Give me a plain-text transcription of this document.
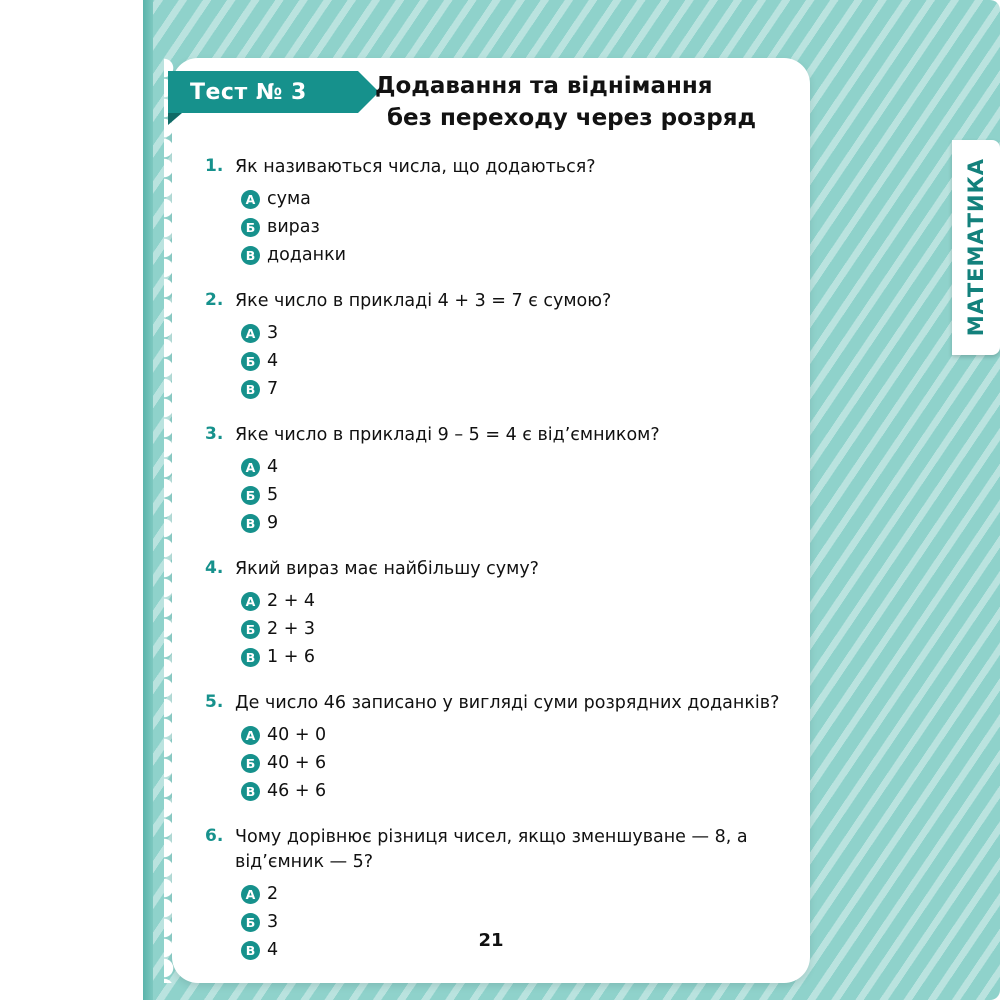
МАТЕМАТИКА
Тест № 3	Додавання та віднімання
без переходу через розряд
1. Як називаються числа, що додаються?
А сума
Б вираз
В доданки
2. Яке число в прикладі 4 + 3 = 7 є сумою?
А 3
Б 4
В 7
3. Яке число в прикладі 9 – 5 = 4 є від’ємником?
А 4
Б 5
В 9
4. Який вираз має найбільшу суму?
А 2 + 4
Б 2 + 3
В 1 + 6
5. Де число 46 записано у вигляді суми розрядних доданків?
А 40 + 0
Б 40 + 6
В 46 + 6
6. Чому дорівнює різниця чисел, якщо зменшуване — 8, а від’ємник — 5?
А 2
Б 3
В 4	21
